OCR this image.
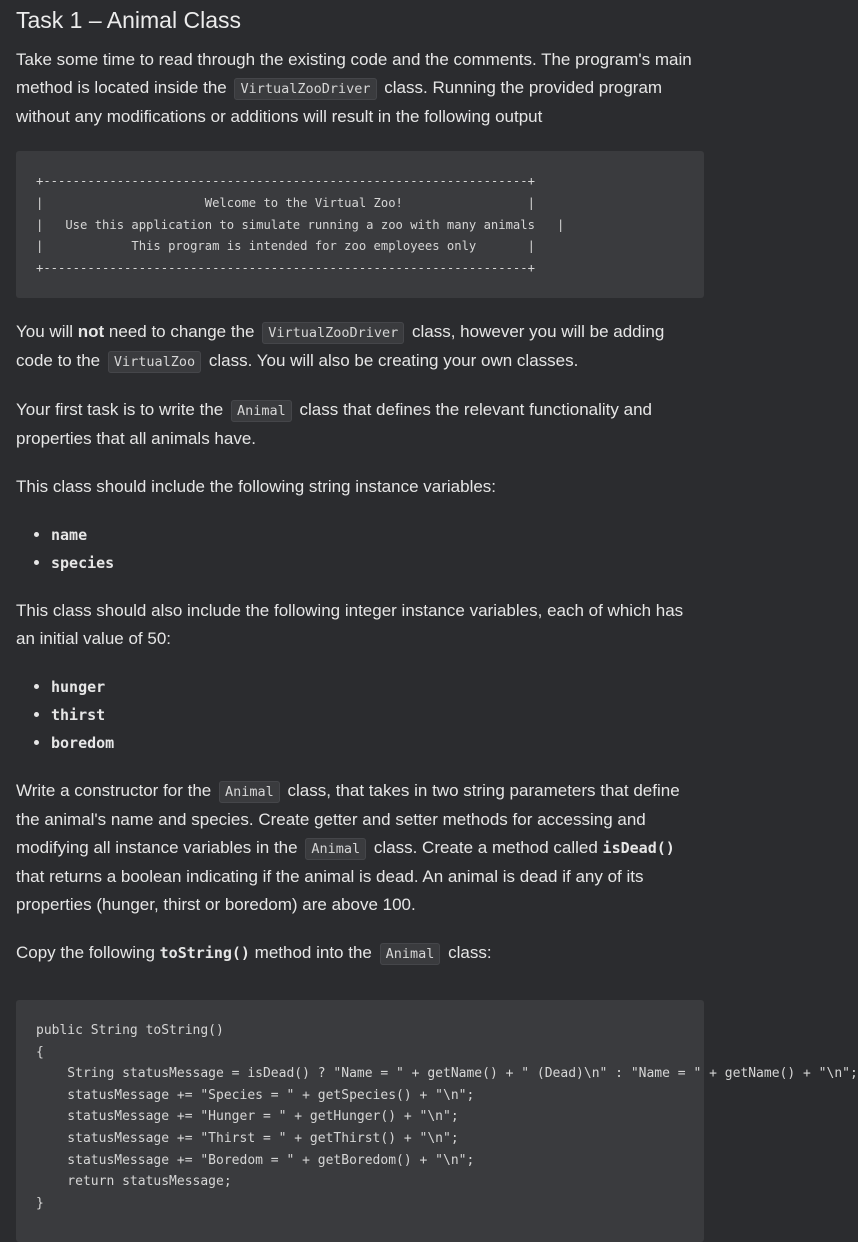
Task 1 – Animal Class

Take some time to read through the existing code and the comments. The program's main method is located inside the VirtualZooDriver class. Running the provided program without any modifications or additions will result in the following output

+------------------------------------------------------------------+
|                      Welcome to the Virtual Zoo!                 |
|   Use this application to simulate running a zoo with many animals   |
|            This program is intended for zoo employees only       |
+------------------------------------------------------------------+

You will not need to change the VirtualZooDriver class, however you will be adding code to the VirtualZoo class. You will also be creating your own classes.

Your first task is to write the Animal class that defines the relevant functionality and properties that all animals have.

This class should include the following string instance variables:

• name
• species

This class should also include the following integer instance variables, each of which has an initial value of 50:

• hunger
• thirst
• boredom

Write a constructor for the Animal class, that takes in two string parameters that define the animal's name and species. Create getter and setter methods for accessing and modifying all instance variables in the Animal class. Create a method called isDead() that returns a boolean indicating if the animal is dead. An animal is dead if any of its properties (hunger, thirst or boredom) are above 100.

Copy the following toString() method into the Animal class:

public String toString()
{
String statusMessage = isDead() ? "Name = " + getName() + " (Dead)\n" : "Name = " + getName() + "\n";
statusMessage += "Species = " + getSpecies() + "\n";
statusMessage += "Hunger = " + getHunger() + "\n";
statusMessage += "Thirst = " + getThirst() + "\n";
statusMessage += "Boredom = " + getBoredom() + "\n";
return statusMessage;
}
